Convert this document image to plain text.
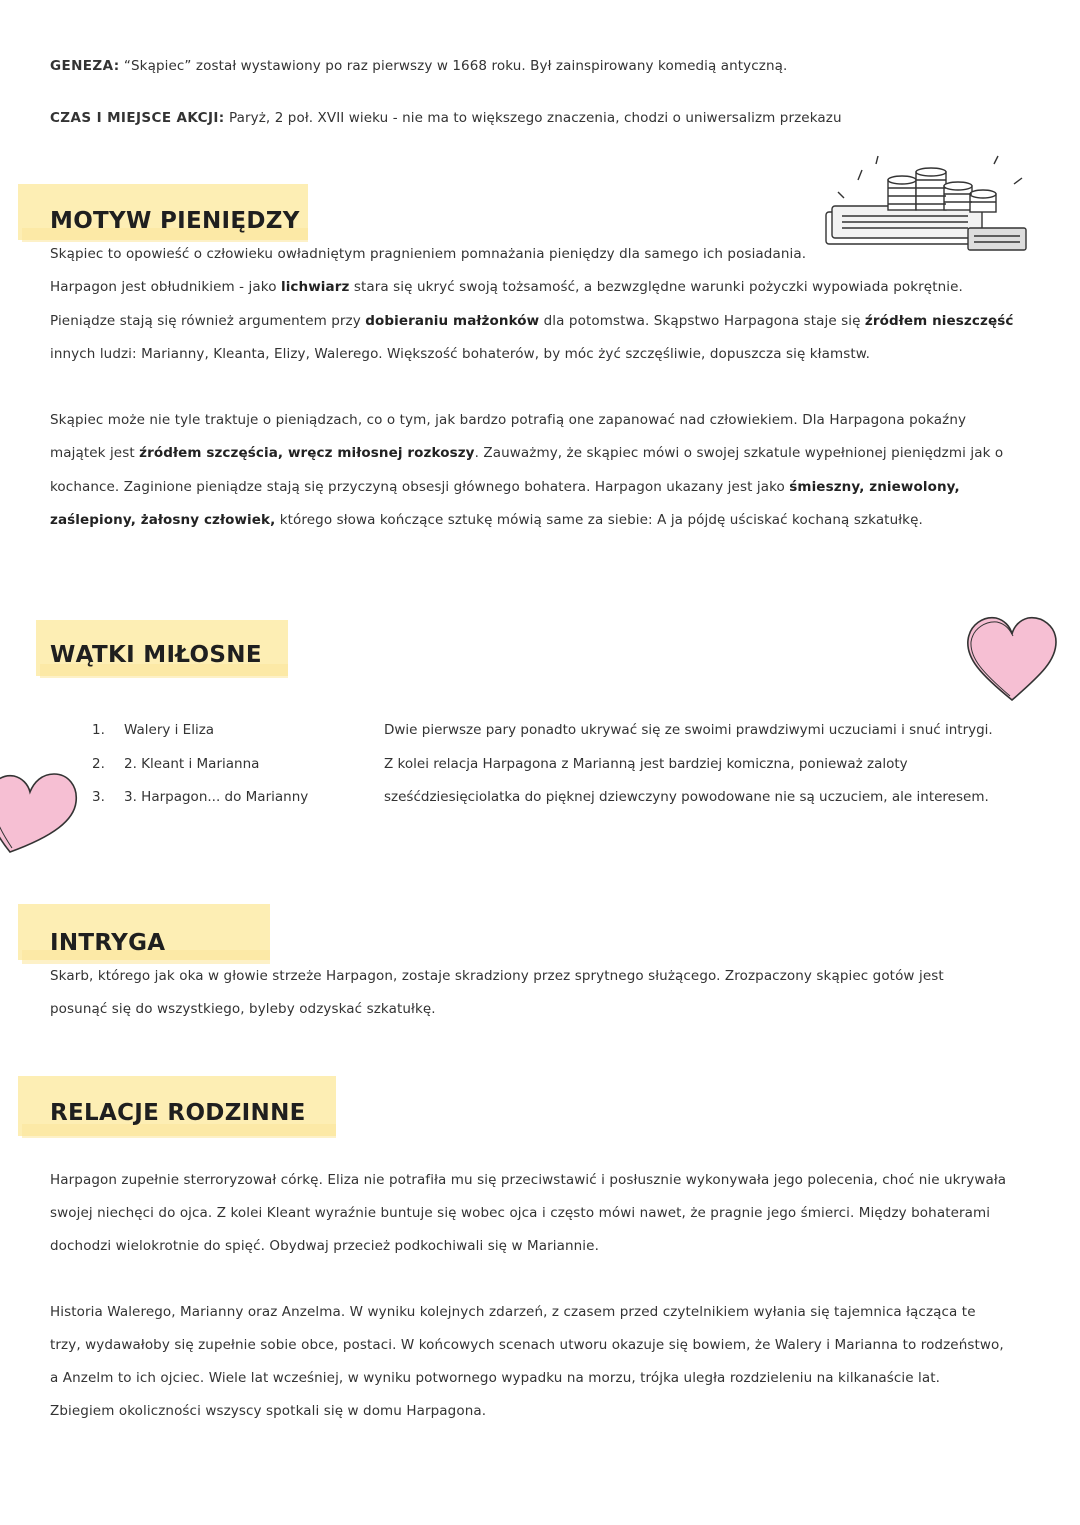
GENEZA: “Skąpiec” został wystawiony po raz pierwszy w 1668 roku. Był zainspirowany komedią antyczną.
CZAS I MIEJSCE AKCJI: Paryż, 2 poł. XVII wieku - nie ma to większego znaczenia, chodzi o uniwersalizm przekazu
MOTYW PIENIĘDZY
Skąpiec to opowieść o człowieku owładniętym pragnieniem pomnażania pieniędzy dla samego ich posiadania.
Harpagon jest obłudnikiem - jako lichwiarz stara się ukryć swoją tożsamość, a bezwzględne warunki pożyczki wypowiada pokrętnie.
Pieniądze stają się również argumentem przy dobieraniu małżonków dla potomstwa. Skąpstwo Harpagona staje się źródłem nieszczęść
innych ludzi: Marianny, Kleanta, Elizy, Walerego. Większość bohaterów, by móc żyć szczęśliwie, dopuszcza się kłamstw.
Skąpiec może nie tyle traktuje o pieniądzach, co o tym, jak bardzo potrafią one zapanować nad człowiekiem. Dla Harpagona pokaźny
majątek jest źródłem szczęścia, wręcz miłosnej rozkoszy. Zauważmy, że skąpiec mówi o swojej szkatule wypełnionej pieniędzmi jak o
kochance. Zaginione pieniądze stają się przyczyną obsesji głównego bohatera. Harpagon ukazany jest jako śmieszny, zniewolony,
zaślepiony, żałosny człowiek, którego słowa kończące sztukę mówią same za siebie: A ja pójdę uściskać kochaną szkatułkę.
WĄTKI MIŁOSNE
1. Walery i Eliza
2. 2. Kleant i Marianna
3. 3. Harpagon... do Marianny
Dwie pierwsze pary ponadto ukrywać się ze swoimi prawdziwymi uczuciami i snuć intrygi.
Z kolei relacja Harpagona z Marianną jest bardziej komiczna, ponieważ zaloty
sześćdziesięciolatka do pięknej dziewczyny powodowane nie są uczuciem, ale interesem.
INTRYGA
Skarb, którego jak oka w głowie strzeże Harpagon, zostaje skradziony przez sprytnego służącego. Zrozpaczony skąpiec gotów jest
posunąć się do wszystkiego, byleby odzyskać szkatułkę.
RELACJE RODZINNE
Harpagon zupełnie sterroryzował córkę. Eliza nie potrafiła mu się przeciwstawić i posłusznie wykonywała jego polecenia, choć nie ukrywała
swojej niechęci do ojca. Z kolei Kleant wyraźnie buntuje się wobec ojca i często mówi nawet, że pragnie jego śmierci. Między bohaterami
dochodzi wielokrotnie do spięć. Obydwaj przecież podkochiwali się w Mariannie.
Historia Walerego, Marianny oraz Anzelma. W wyniku kolejnych zdarzeń, z czasem przed czytelnikiem wyłania się tajemnica łącząca te
trzy, wydawałoby się zupełnie sobie obce, postaci. W końcowych scenach utworu okazuje się bowiem, że Walery i Marianna to rodzeństwo,
a Anzelm to ich ojciec. Wiele lat wcześniej, w wyniku potwornego wypadku na morzu, trójka uległa rozdzieleniu na kilkanaście lat.
Zbiegiem okoliczności wszyscy spotkali się w domu Harpagona.
